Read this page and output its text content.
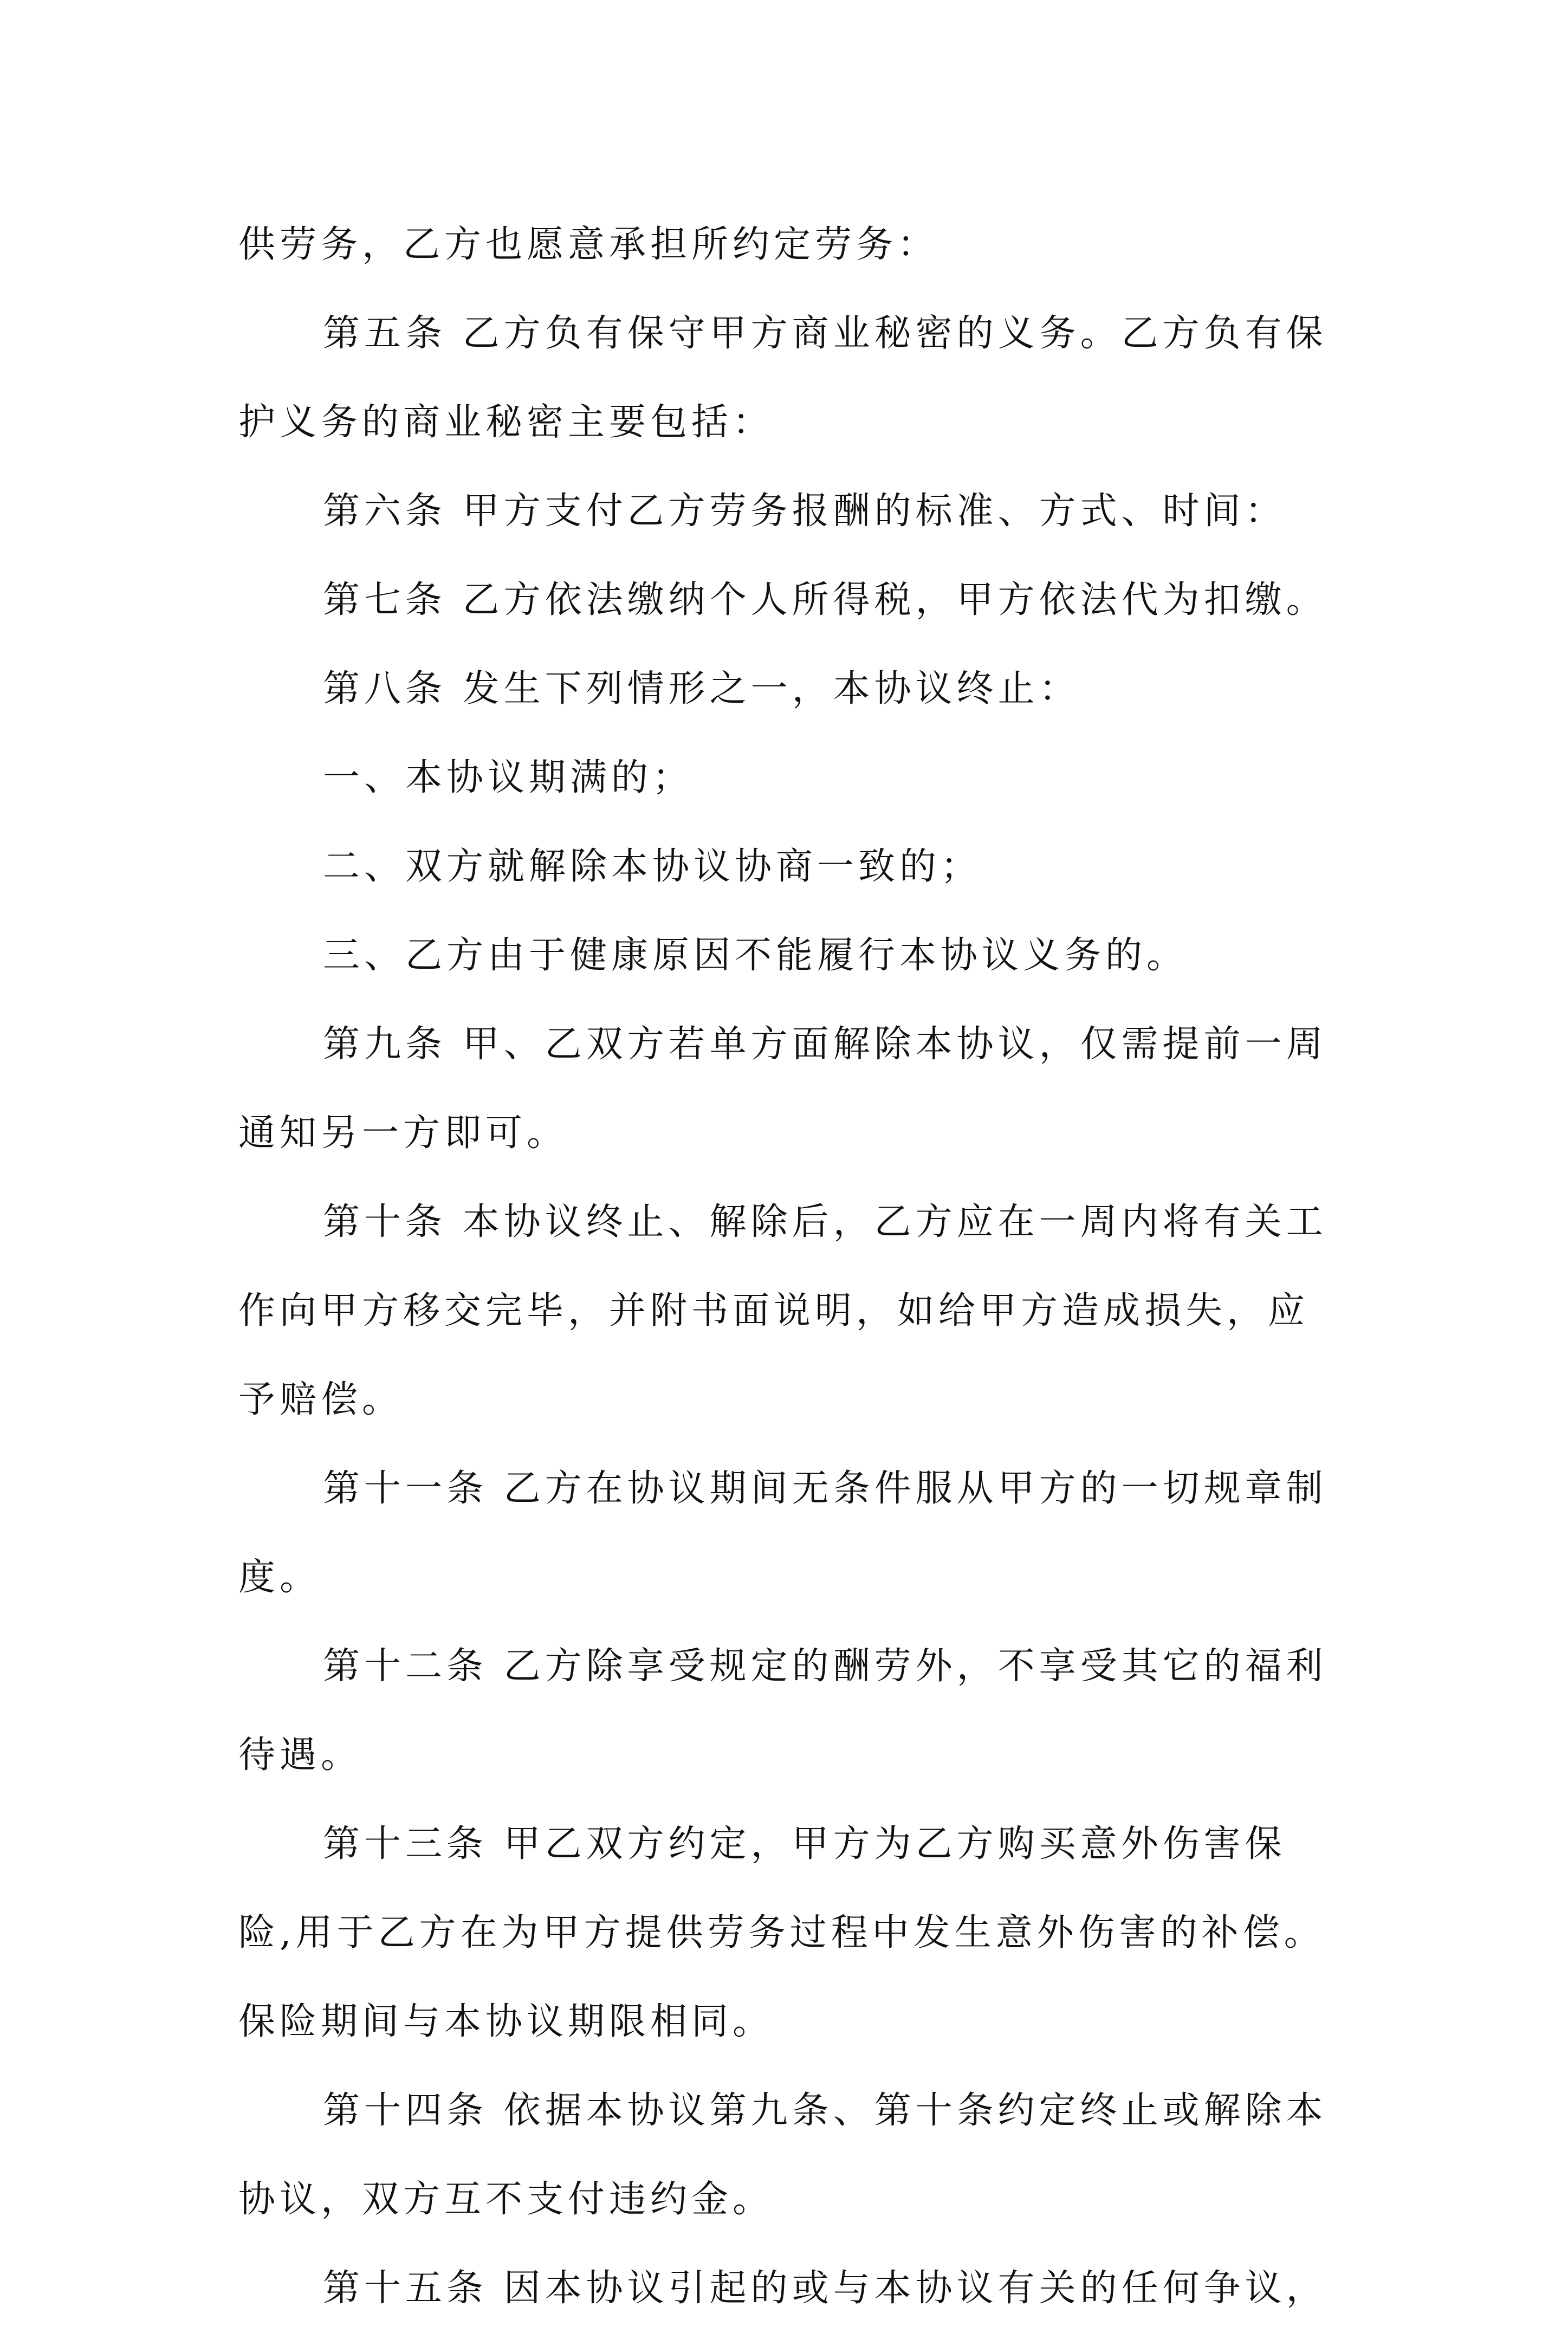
供劳务，乙方也愿意承担所约定劳务：

第五条 乙方负有保守甲方商业秘密的义务。乙方负有保护义务的商业秘密主要包括：

第六条 甲方支付乙方劳务报酬的标准、方式、时间：

第七条 乙方依法缴纳个人所得税，甲方依法代为扣缴。

第八条 发生下列情形之一，本协议终止：

一、本协议期满的；

二、双方就解除本协议协商一致的；

三、乙方由于健康原因不能履行本协议义务的。

第九条 甲、乙双方若单方面解除本协议，仅需提前一周通知另一方即可。

第十条 本协议终止、解除后，乙方应在一周内将有关工作向甲方移交完毕，并附书面说明，如给甲方造成损失，应予赔偿。

第十一条 乙方在协议期间无条件服从甲方的一切规章制度。

第十二条 乙方除享受规定的酬劳外，不享受其它的福利待遇。

第十三条 甲乙双方约定，甲方为乙方购买意外伤害保险,用于乙方在为甲方提供劳务过程中发生意外伤害的补偿。保险期间与本协议期限相同。

第十四条 依据本协议第九条、第十条约定终止或解除本协议，双方互不支付违约金。

第十五条 因本协议引起的或与本协议有关的任何争议，
